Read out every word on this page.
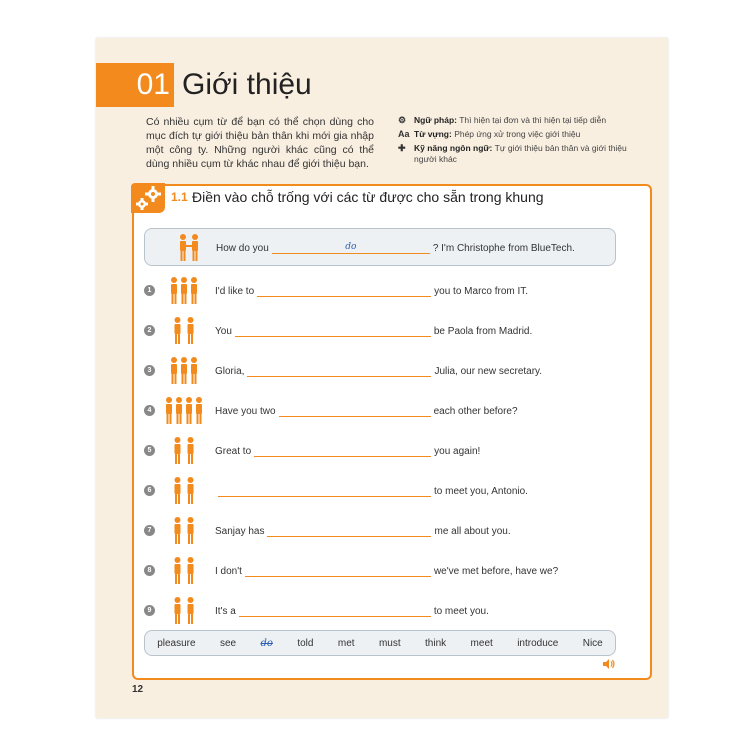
01 Giới thiệu
Có nhiều cụm từ để bạn có thể chọn dùng cho mục đích tự giới thiệu bản thân khi mới gia nhập một công ty. Những người khác cũng có thể dùng nhiều cụm từ khác nhau để giới thiệu bạn.
⚙ Ngữ pháp: Thì hiện tại đơn và thì hiện tại tiếp diễn
Aa Từ vựng: Phép ứng xử trong việc giới thiệu
✚ Kỹ năng ngôn ngữ: Tự giới thiệu bản thân và giới thiệu người khác
1.1 Điền vào chỗ trống với các từ được cho sẵn trong khung
How do you	do	? I'm Christophe from BlueTech.
1	I'd like to	you to Marco from IT.
2	You	be Paola from Madrid.
3	Gloria,	Julia, our new secretary.
4	Have you two	each other before?
5	Great to	you again!
6	to meet you, Antonio.
7	Sanjay has	me all about you.
8	I don't	we've met before, have we?
9	It's a	to meet you.
pleasure see do told met must think meet introduce Nice
12
